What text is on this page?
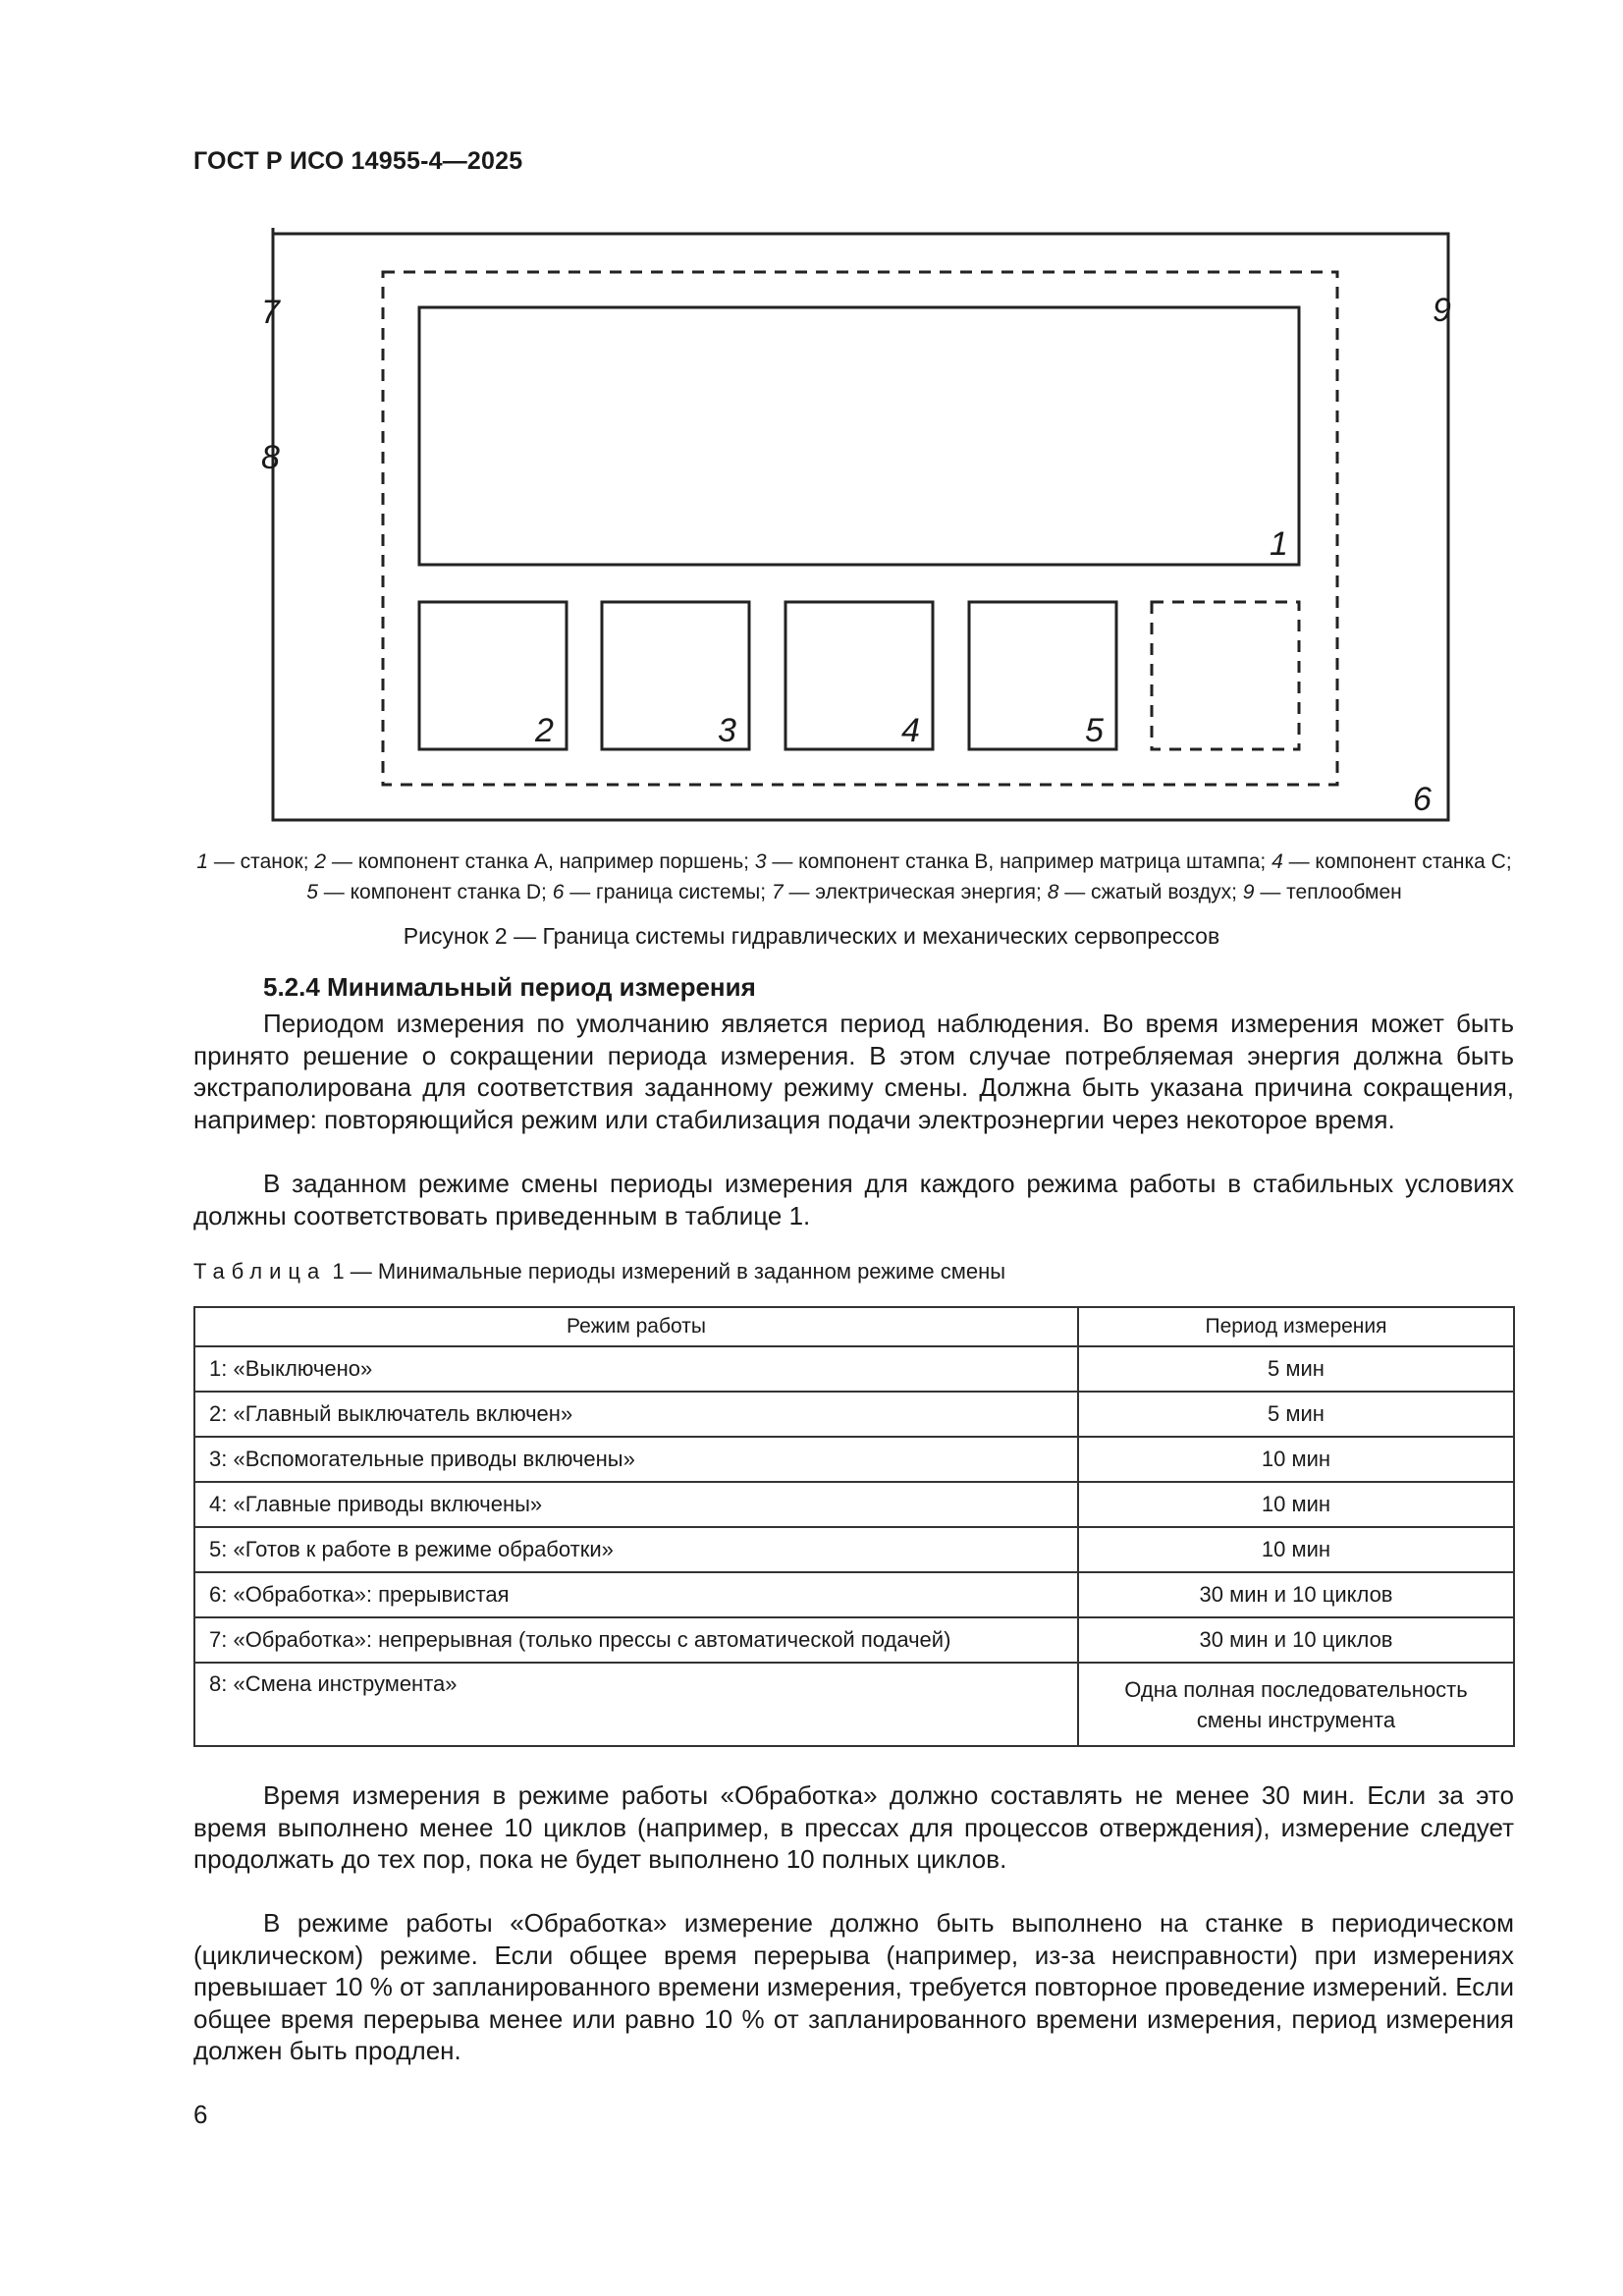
ГОСТ Р ИСО 14955-4—2025
7
8
9
1
2	3	4	5
6
1 — станок; 2 — компонент станка A, например поршень; 3 — компонент станка B, например матрица штампа; 4 — компонент станка C; 5 — компонент станка D; 6 — граница системы; 7 — электрическая энергия; 8 — сжатый воздух; 9 — теплообмен
Рисунок 2 — Граница системы гидравлических и механических сервопрессов
5.2.4 Минимальный период измерения
Периодом измерения по умолчанию является период наблюдения. Во время измерения может быть принято решение о сокращении периода измерения. В этом случае потребляемая энергия должна быть экстраполирована для соответствия заданному режиму смены. Должна быть указана причина сокращения, например: повторяющийся режим или стабилизация подачи электроэнергии через некоторое время.
В заданном режиме смены периоды измерения для каждого режима работы в стабильных условиях должны соответствовать приведенным в таблице 1.
Таблица 1 — Минимальные периоды измерений в заданном режиме смены
Режим работы	Период измерения
1: «Выключено»	5 мин
2: «Главный выключатель включен»	5 мин
3: «Вспомогательные приводы включены»	10 мин
4: «Главные приводы включены»	10 мин
5: «Готов к работе в режиме обработки»	10 мин
6: «Обработка»: прерывистая	30 мин и 10 циклов
7: «Обработка»: непрерывная (только прессы с автоматической подачей)	30 мин и 10 циклов
8: «Смена инструмента»	Одна полная последовательность смены инструмента
Время измерения в режиме работы «Обработка» должно составлять не менее 30 мин. Если за это время выполнено менее 10 циклов (например, в прессах для процессов отверждения), измерение следует продолжать до тех пор, пока не будет выполнено 10 полных циклов.
В режиме работы «Обработка» измерение должно быть выполнено на станке в периодическом (циклическом) режиме. Если общее время перерыва (например, из-за неисправности) при измерениях превышает 10 % от запланированного времени измерения, требуется повторное проведение измерений. Если общее время перерыва менее или равно 10 % от запланированного времени измерения, период измерения должен быть продлен.
6
